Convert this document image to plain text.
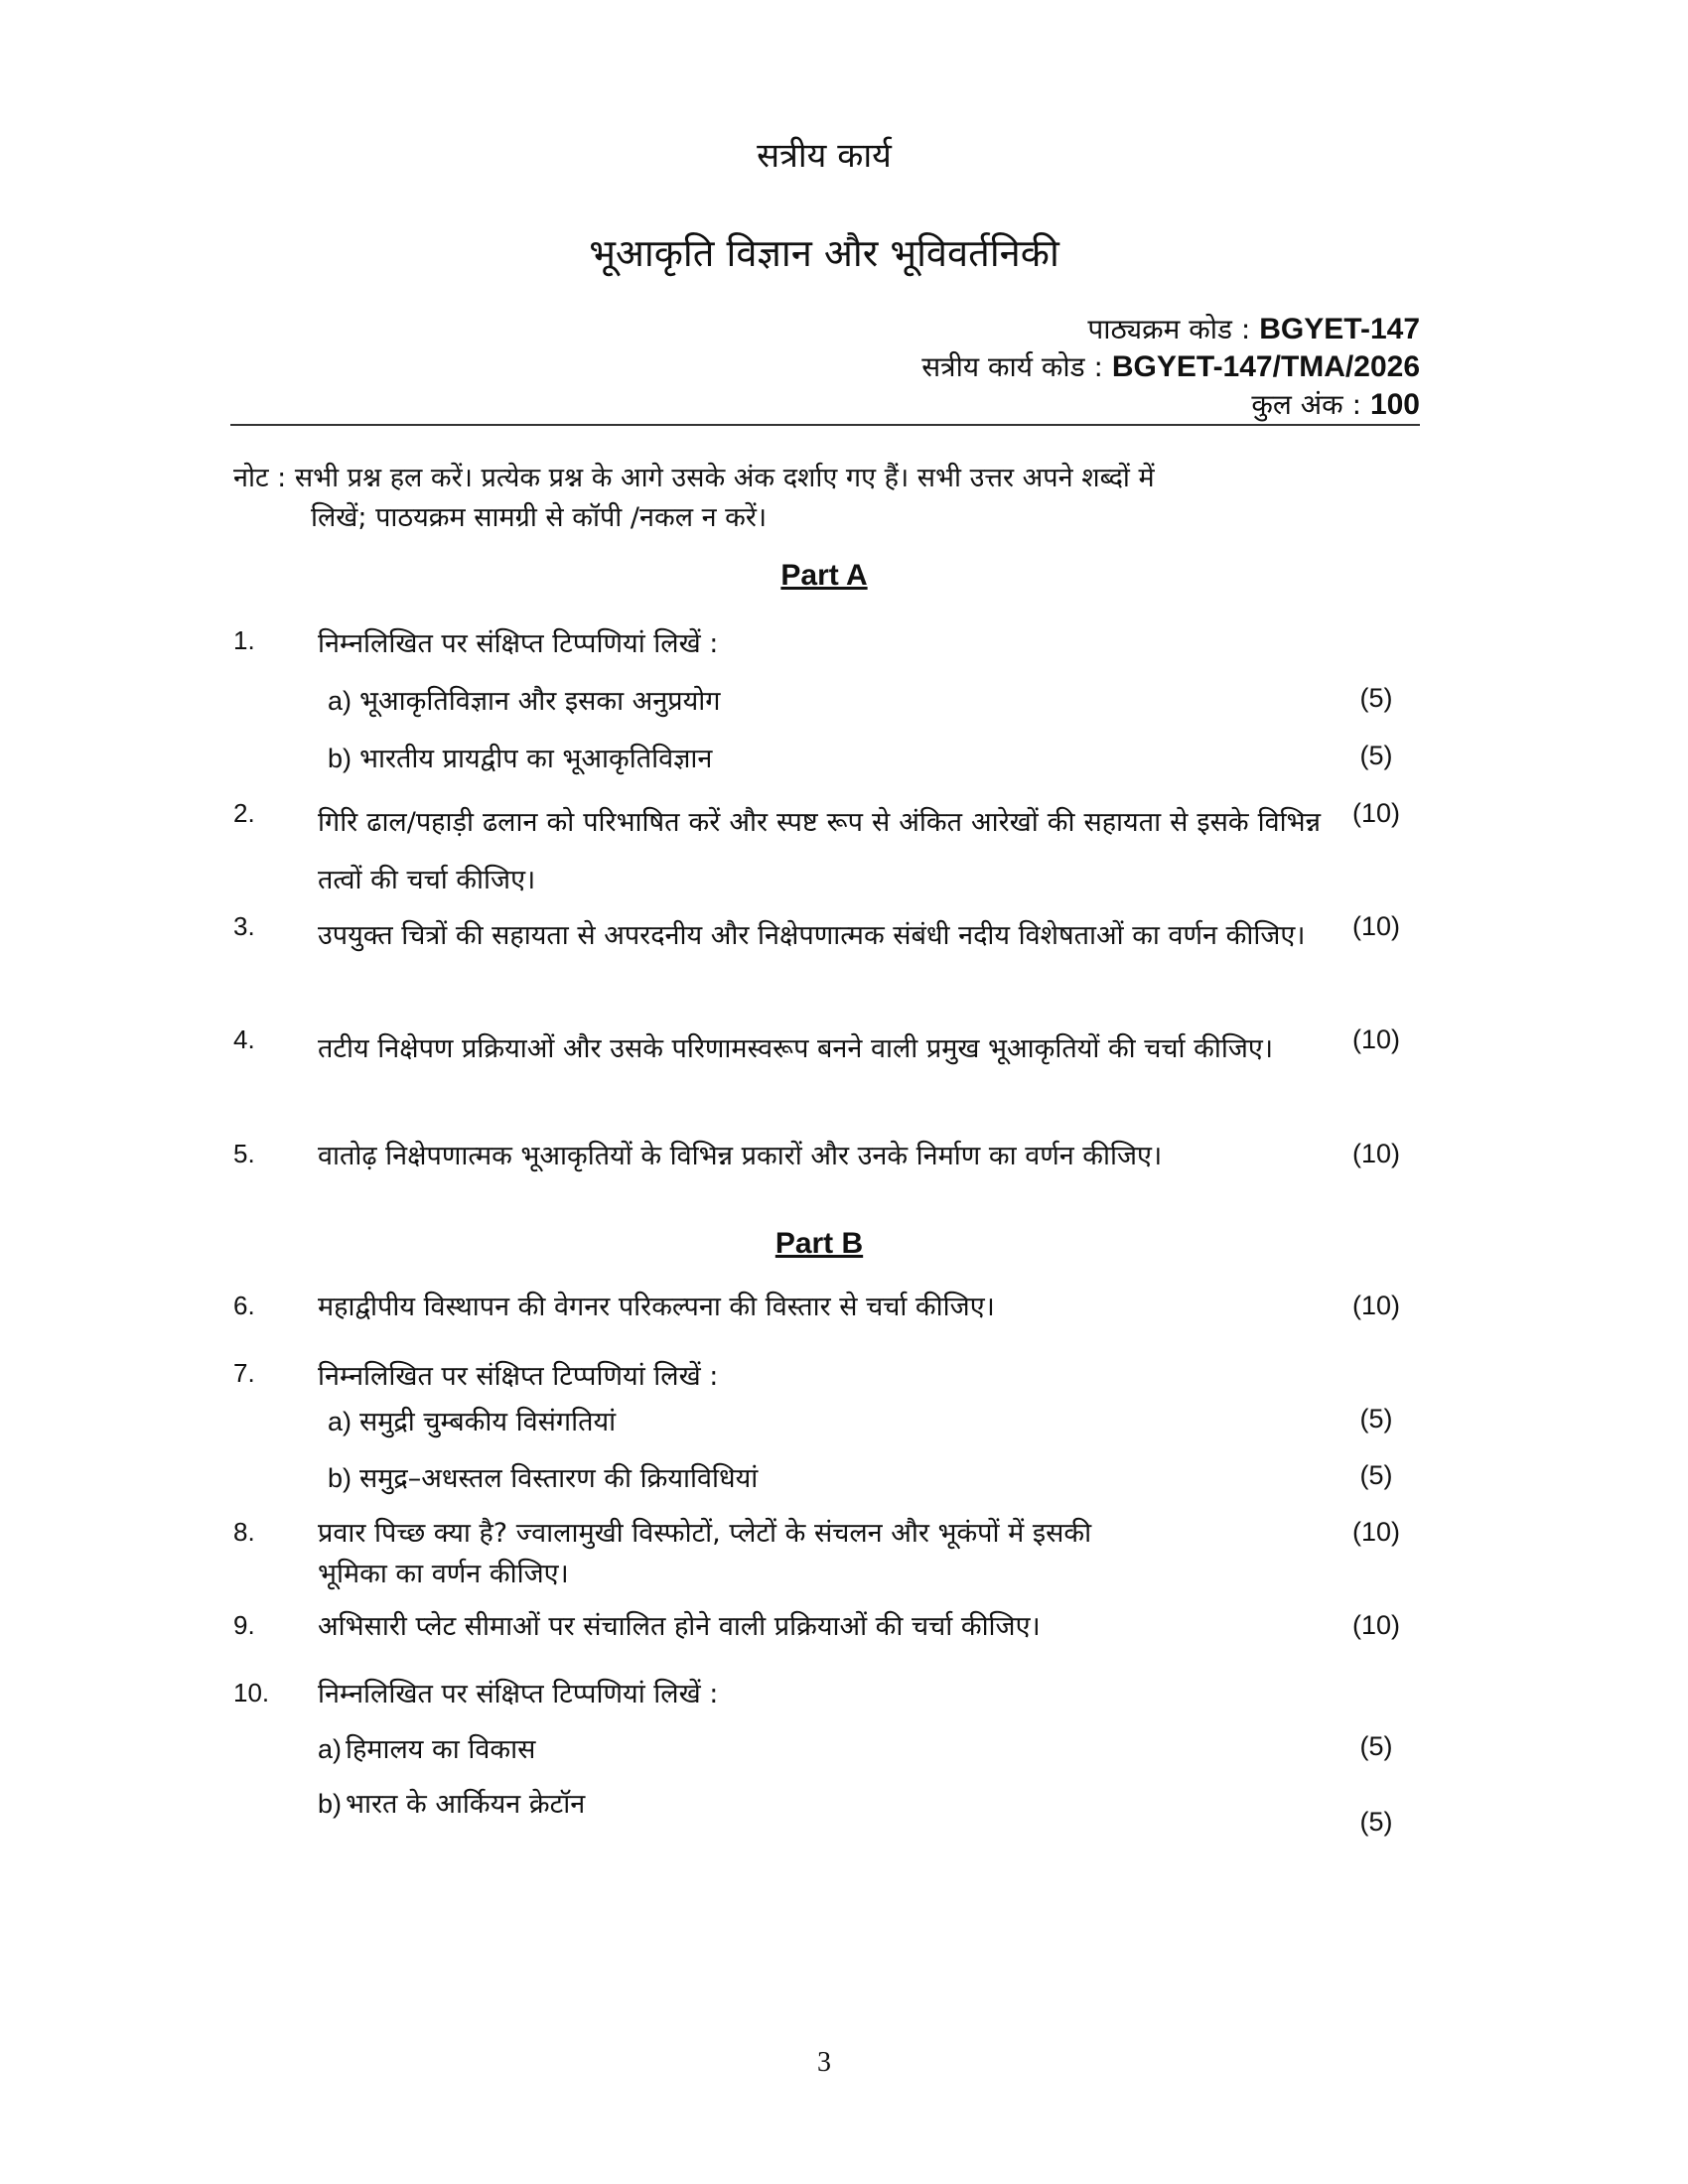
सत्रीय कार्य
भूआकृति विज्ञान और भूविवर्तनिकी
पाठ्यक्रम कोड : BGYET-147
सत्रीय कार्य कोड : BGYET-147/TMA/2026
कुल अंक : 100
नोट : सभी प्रश्न हल करें। प्रत्येक प्रश्न के आगे उसके अंक दर्शाए गए हैं। सभी उत्तर अपने शब्दों में
लिखें; पाठयक्रम सामग्री से कॉपी /नकल न करें।
Part A
1. निम्नलिखित पर संक्षिप्त टिप्पणियां लिखें :
a) भूआकृतिविज्ञान और इसका अनुप्रयोग	(5)
b) भारतीय प्रायद्वीप का भूआकृतिविज्ञान	(5)
2. गिरि ढाल/पहाड़ी ढलान को परिभाषित करें और स्पष्ट रूप से अंकित आरेखों की सहायता से इसके विभिन्न तत्वों की चर्चा कीजिए।
(10)
3. उपयुक्त चित्रों की सहायता से अपरदनीय और निक्षेपणात्मक संबंधी नदीय विशेषताओं का वर्णन कीजिए।	(10)
4. तटीय निक्षेपण प्रक्रियाओं और उसके परिणामस्वरूप बनने वाली प्रमुख भूआकृतियों की चर्चा कीजिए।	(10)
5. वातोढ़ निक्षेपणात्मक भूआकृतियों के विभिन्न प्रकारों और उनके निर्माण का वर्णन कीजिए।	(10)
Part B
6. महाद्वीपीय विस्थापन की वेगनर परिकल्पना की विस्तार से चर्चा कीजिए।	(10)
7. निम्नलिखित पर संक्षिप्त टिप्पणियां लिखें :
a) समुद्री चुम्बकीय विसंगतियां	(5)
b) समुद्र–अधस्तल विस्तारण की क्रियाविधियां	(5)
8. प्रवार पिच्छ क्या है? ज्वालामुखी विस्फोटों, प्लेटों के संचलन और भूकंपों में इसकी
भूमिका का वर्णन कीजिए।
(10)
9. अभिसारी प्लेट सीमाओं पर संचालित होने वाली प्रक्रियाओं की चर्चा कीजिए।	(10)
10. निम्नलिखित पर संक्षिप्त टिप्पणियां लिखें :
a) हिमालय का विकास	(5)
b) भारत के आर्कियन क्रेटॉन
(5)
3
